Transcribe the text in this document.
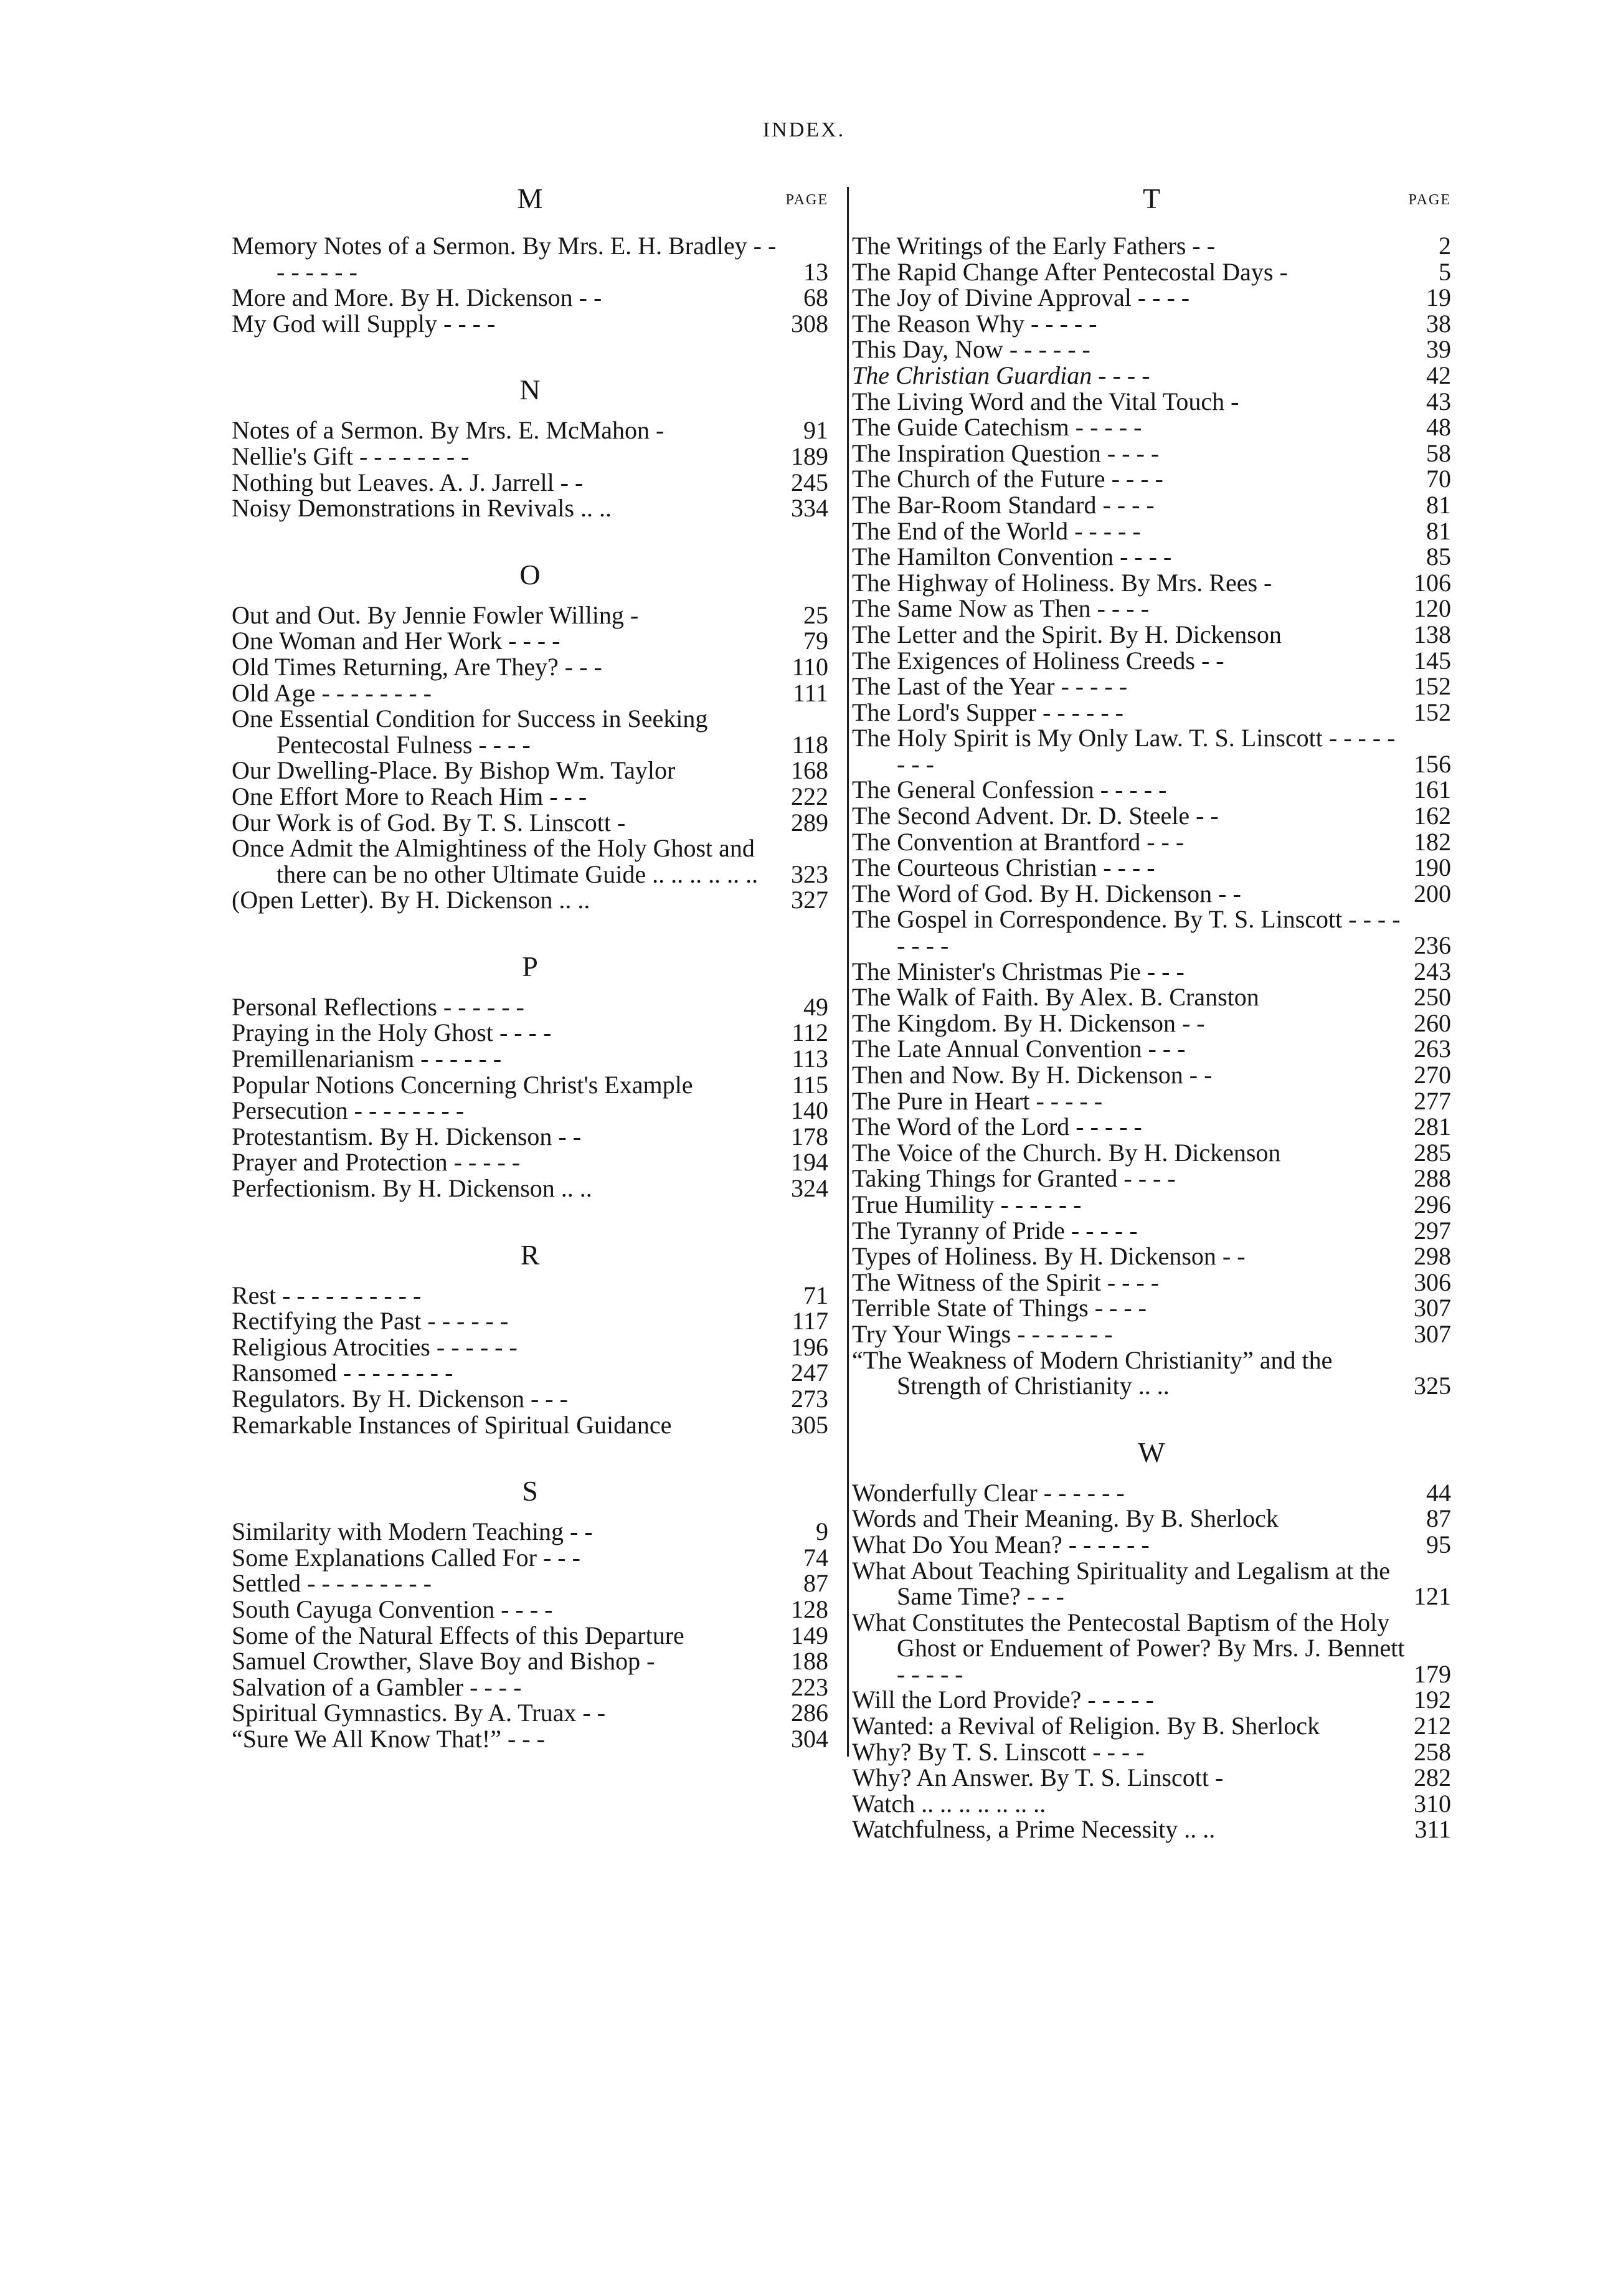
INDEX.
M	PAGE
Memory Notes of a Sermon. By Mrs. E. H. Bradley - - - - - - - -	13
More and More. By H. Dickenson - -	68
My God will Supply - - - -	308
N
Notes of a Sermon. By Mrs. E. McMahon -	91
Nellie's Gift - - - - - - - -	189
Nothing but Leaves. A. J. Jarrell - -	245
Noisy Demonstrations in Revivals .. ..	334
O
Out and Out. By Jennie Fowler Willing -	25
One Woman and Her Work - - - -	79
Old Times Returning, Are They? - - -	110
Old Age - - - - - - - -	111
One Essential Condition for Success in Seeking Pentecostal Fulness - - - -	118
Our Dwelling-Place. By Bishop Wm. Taylor	168
One Effort More to Reach Him - - -	222
Our Work is of God. By T. S. Linscott -	289
Once Admit the Almightiness of the Holy Ghost and there can be no other Ultimate Guide .. .. .. .. .. ..	323
(Open Letter). By H. Dickenson .. ..	327
P
Personal Reflections - - - - - -	49
Praying in the Holy Ghost - - - -	112
Premillenarianism - - - - - -	113
Popular Notions Concerning Christ's Example	115
Persecution - - - - - - - -	140
Protestantism. By H. Dickenson - -	178
Prayer and Protection - - - - -	194
Perfectionism. By H. Dickenson .. ..	324
R
Rest - - - - - - - - - -	71
Rectifying the Past - - - - - -	117
Religious Atrocities - - - - - -	196
Ransomed - - - - - - - -	247
Regulators. By H. Dickenson - - -	273
Remarkable Instances of Spiritual Guidance	305
S
Similarity with Modern Teaching - -	9
Some Explanations Called For - - -	74
Settled - - - - - - - - -	87
South Cayuga Convention - - - -	128
Some of the Natural Effects of this Departure	149
Samuel Crowther, Slave Boy and Bishop -	188
Salvation of a Gambler - - - -	223
Spiritual Gymnastics. By A. Truax - -	286
“Sure We All Know That!” - - -	304
T	PAGE
The Writings of the Early Fathers - -	2
The Rapid Change After Pentecostal Days -	5
The Joy of Divine Approval - - - -	19
The Reason Why - - - - -	38
This Day, Now - - - - - -	39
The Christian Guardian - - - -	42
The Living Word and the Vital Touch -	43
The Guide Catechism - - - - -	48
The Inspiration Question - - - -	58
The Church of the Future - - - -	70
The Bar-Room Standard - - - -	81
The End of the World - - - - -	81
The Hamilton Convention - - - -	85
The Highway of Holiness. By Mrs. Rees -	106
The Same Now as Then - - - -	120
The Letter and the Spirit. By H. Dickenson	138
The Exigences of Holiness Creeds - -	145
The Last of the Year - - - - -	152
The Lord's Supper - - - - - -	152
The Holy Spirit is My Only Law. T. S. Linscott - - - - - - - -	156
The General Confession - - - - -	161
The Second Advent. Dr. D. Steele - -	162
The Convention at Brantford - - -	182
The Courteous Christian - - - -	190
The Word of God. By H. Dickenson - -	200
The Gospel in Correspondence. By T. S. Linscott - - - - - - - -	236
The Minister's Christmas Pie - - -	243
The Walk of Faith. By Alex. B. Cranston	250
The Kingdom. By H. Dickenson - -	260
The Late Annual Convention - - -	263
Then and Now. By H. Dickenson - -	270
The Pure in Heart - - - - -	277
The Word of the Lord - - - - -	281
The Voice of the Church. By H. Dickenson	285
Taking Things for Granted - - - -	288
True Humility - - - - - -	296
The Tyranny of Pride - - - - -	297
Types of Holiness. By H. Dickenson - -	298
The Witness of the Spirit - - - -	306
Terrible State of Things - - - -	307
Try Your Wings - - - - - - -	307
“The Weakness of Modern Christianity” and the Strength of Christianity .. ..	325
W
Wonderfully Clear - - - - - -	44
Words and Their Meaning. By B. Sherlock	87
What Do You Mean? - - - - - -	95
What About Teaching Spirituality and Legalism at the Same Time? - - -	121
What Constitutes the Pentecostal Baptism of the Holy Ghost or Enduement of Power? By Mrs. J. Bennett - - - - -	179
Will the Lord Provide? - - - - -	192
Wanted: a Revival of Religion. By B. Sherlock	212
Why? By T. S. Linscott - - - -	258
Why? An Answer. By T. S. Linscott -	282
Watch .. .. .. .. .. .. ..	310
Watchfulness, a Prime Necessity .. ..	311
